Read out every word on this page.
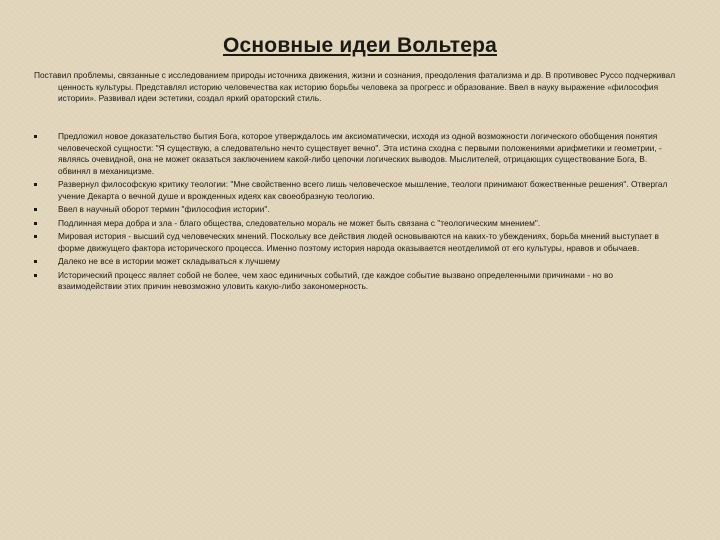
Основные идеи Вольтера
Поставил проблемы, связанные с исследованием природы источника движения, жизни и сознания, преодоления фатализма и др. В противовес Руссо подчеркивал ценность культуры. Представлял историю человечества как историю борьбы человека за прогресс и образование. Ввел в науку выражение «философия истории». Развивал идеи эстетики, создал яркий ораторский стиль.
Предложил новое доказательство бытия Бога, которое утверждалось им аксиоматически, исходя из одной возможности логического обобщения понятия человеческой сущности: "Я существую, а следовательно нечто существует вечно". Эта истина сходна с первыми положениями арифметики и геометрии, - являясь очевидной, она не может оказаться заключением какой-либо цепочки логических выводов. Мыслителей, отрицающих существование Бога, В. обвинял в механицизме.
Развернул философскую критику теологии: "Мне свойственно всего лишь человеческое мышление, теологи принимают божественные решения". Отвергал учение Декарта о вечной душе и врожденных идеях как своеобразную теологию.
Ввел в научный оборот термин "философия истории".
Подлинная мера добра и зла - благо общества, следовательно мораль не может быть связана с "теологическим мнением".
Мировая история - высший суд человеческих мнений. Поскольку все действия людей основываются на каких-то убеждениях, борьба мнений выступает в форме движущего фактора исторического процесса. Именно поэтому история народа оказывается неотделимой от его культуры, нравов и обычаев.
Далеко не все в истории может складываться к лучшему
Исторический процесс являет собой не более, чем хаос единичных событий, где каждое событие вызвано определенными причинами - но во взаимодействии этих причин невозможно уловить какую-либо закономерность.
